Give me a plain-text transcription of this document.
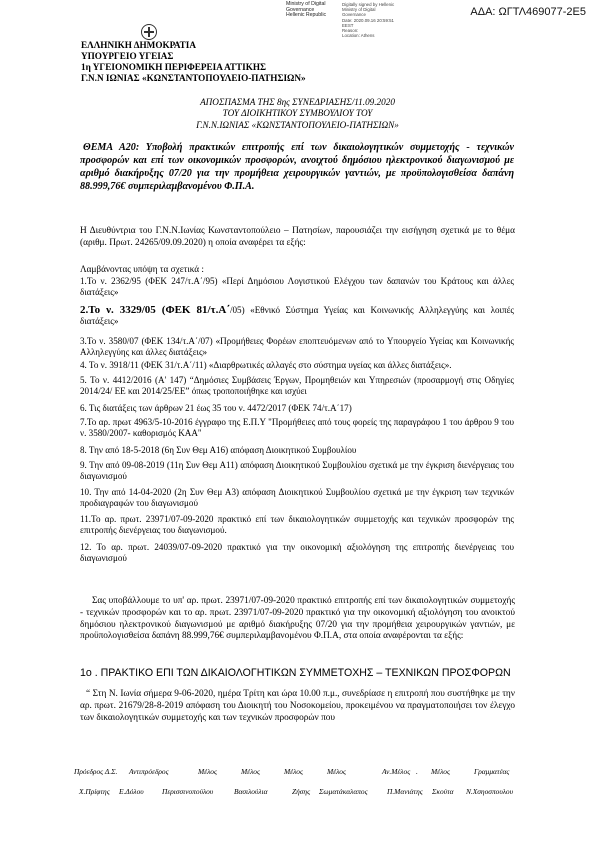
ΑΔΑ: ΩΓΤΛ469077-2Ε5
Ministry of Digital
Governance
Hellenic Republic
Digitally signed by Hellenic
Ministry of Digital
Governance
Date: 2020.09.16 20:59:51
EEST
Reason:
Location: Athens
ΕΛΛΗΝΙΚΗ ΔΗΜΟΚΡΑΤΙΑ
ΥΠΟΥΡΓΕΙΟ ΥΓΕΙΑΣ
1η ΥΓΕΙΟΝΟΜΙΚΗ ΠΕΡΙΦΕΡΕΙΑ ΑΤΤΙΚΗΣ
Γ.Ν.Ν ΙΩΝΙΑΣ «ΚΩΝΣΤΑΝΤΟΠΟΥΛΕΙΟ-ΠΑΤΗΣΙΩΝ»
ΑΠΟΣΠΑΣΜΑ ΤΗΣ 8ης ΣΥΝΕΔΡΙΑΣΗΣ/11.09.2020
ΤΟΥ ΔΙΟΙΚΗΤΙΚΟΥ ΣΥΜΒΟΥΛΙΟΥ ΤΟΥ
Γ.Ν.Ν.ΙΩΝΙΑΣ «ΚΩΝΣΤΑΝΤΟΠΟΥΛΕΙΟ-ΠΑΤΗΣΙΩΝ»
ΘΕΜΑ Α20: Υποβολή πρακτικών επιτροπής επί των δικαιολογητικών συμμετοχής - τεχνικών προσφορών και επί των οικονομικών προσφορών, ανοιχτού δημόσιου ηλεκτρονικού διαγωνισμού με αριθμό διακήρυξης 07/20 για την προμήθεια χειρουργικών γαντιών, με προϋπολογισθείσα δαπάνη 88.999,76€ συμπεριλαμβανομένου Φ.Π.Α.
Η Διευθύντρια του Γ.Ν.Ν.Ιωνίας Κωνσταντοπούλειο – Πατησίων, παρουσιάζει την εισήγηση σχετικά με το θέμα (αριθμ. Πρωτ. 24265/09.09.2020) η οποία αναφέρει τα εξής:
Λαμβάνοντας υπόψη τα σχετικά :
1.Το ν. 2362/95 (ΦΕΚ 247/τ.Α΄/95) «Περί Δημόσιου Λογιστικού Ελέγχου των δαπανών του Κράτους και άλλες διατάξεις»
2.Το ν. 3329/05 (ΦΕΚ 81/τ.Α΄/05) «Εθνικό Σύστημα Υγείας και Κοινωνικής Αλληλεγγύης και λοιπές διατάξεις»
3.Το ν. 3580/07 (ΦΕΚ 134/τ.Α΄/07) «Προμήθειες Φορέων εποπτευόμενων από το Υπουργείο Υγείας και Κοινωνικής Αλληλεγγύης και άλλες διατάξεις»
4. Το ν. 3918/11 (ΦΕΚ 31/τ.Α΄/11) «Διαρθρωτικές αλλαγές στο σύστημα υγείας και άλλες διατάξεις».
5. Το ν. 4412/2016 (Α' 147) “Δημόσιες Συμβάσεις Έργων, Προμηθειών και Υπηρεσιών (προσαρμογή στις Οδηγίες 2014/24/ ΕΕ και 2014/25/ΕΕ” όπως τροποποιήθηκε και ισχύει
6. Τις διατάξεις των άρθρων 21 έως 35 του ν. 4472/2017 (ΦΕΚ 74/τ.Α΄17)
7.Το αρ. πρωτ 4963/5-10-2016 έγγραφο της Ε.Π.Υ "Προμήθειες από τους φορείς της παραγράφου 1 του άρθρου 9 του ν. 3580/2007- καθορισμός ΚΑΑ"
8. Την από 18-5-2018 (6η Συν Θεμ Α16) απόφαση Διοικητικού Συμβουλίου
9. Την από 09-08-2019 (11η Συν Θεμ Α11) απόφαση Διοικητικού Συμβουλίου σχετικά με την έγκριση διενέργειας του διαγωνισμού
10. Την από 14-04-2020 (2η Συν Θεμ Α3) απόφαση Διοικητικού Συμβουλίου σχετικά με την έγκριση των τεχνικών προδιαγραφών του διαγωνισμού
11.Το αρ. πρωτ. 23971/07-09-2020 πρακτικό επί των δικαιολογητικών συμμετοχής και τεχνικών προσφορών της επιτροπής διενέργειας του διαγωνισμού.
12. Το αρ. πρωτ. 24039/07-09-2020 πρακτικό για την οικονομική αξιολόγηση της επιτροπής διενέργειας του διαγωνισμού
Σας υποβάλλουμε το υπ' αρ. πρωτ. 23971/07-09-2020 πρακτικό επιτροπής επί των δικαιολογητικών συμμετοχής - τεχνικών προσφορών και το αρ. πρωτ. 23971/07-09-2020 πρακτικό για την οικονομική αξιολόγηση του ανοικτού δημόσιου ηλεκτρονικού διαγωνισμού με αριθμό διακήρυξης 07/20 για την προμήθεια χειρουργικών γαντιών, με προϋπολογισθείσα δαπάνη 88.999,76€ συμπεριλαμβανομένου Φ.Π.Α, στα οποία αναφέρονται τα εξής:
1ο . ΠΡΑΚΤΙΚΟ ΕΠΙ ΤΩΝ ΔΙΚΑΙΟΛΟΓΗΤΙΚΩΝ ΣΥΜΜΕΤΟΧΗΣ – ΤΕΧΝΙΚΩΝ ΠΡΟΣΦΟΡΩΝ
“ Στη Ν. Ιωνία σήμερα 9-06-2020, ημέρα Τρίτη και ώρα 10.00 π.μ., συνεδρίασε η επιτροπή που συστήθηκε με την αρ. πρωτ. 21679/28-8-2019 απόφαση του Διοικητή του Νοσοκομείου, προκειμένου να πραγματοποιήσει τον έλεγχο των δικαιολογητικών συμμετοχής και των τεχνικών προσφορών που
Πρόεδρος Δ.Σ. Αντιπρόεδρος	Μέλος	Μέλος	Μέλος	Μέλος	Αν.Μέλος . Μέλος	Γραμματέας
Χ.Πρίφτης Ε.Δόλου Περισσινοπούλου	Βασιλούλια	Ζήσης Σωματάκαλαπος	Π.Μανιάτης Σκούτα Ν.Χσηοσπουλου
